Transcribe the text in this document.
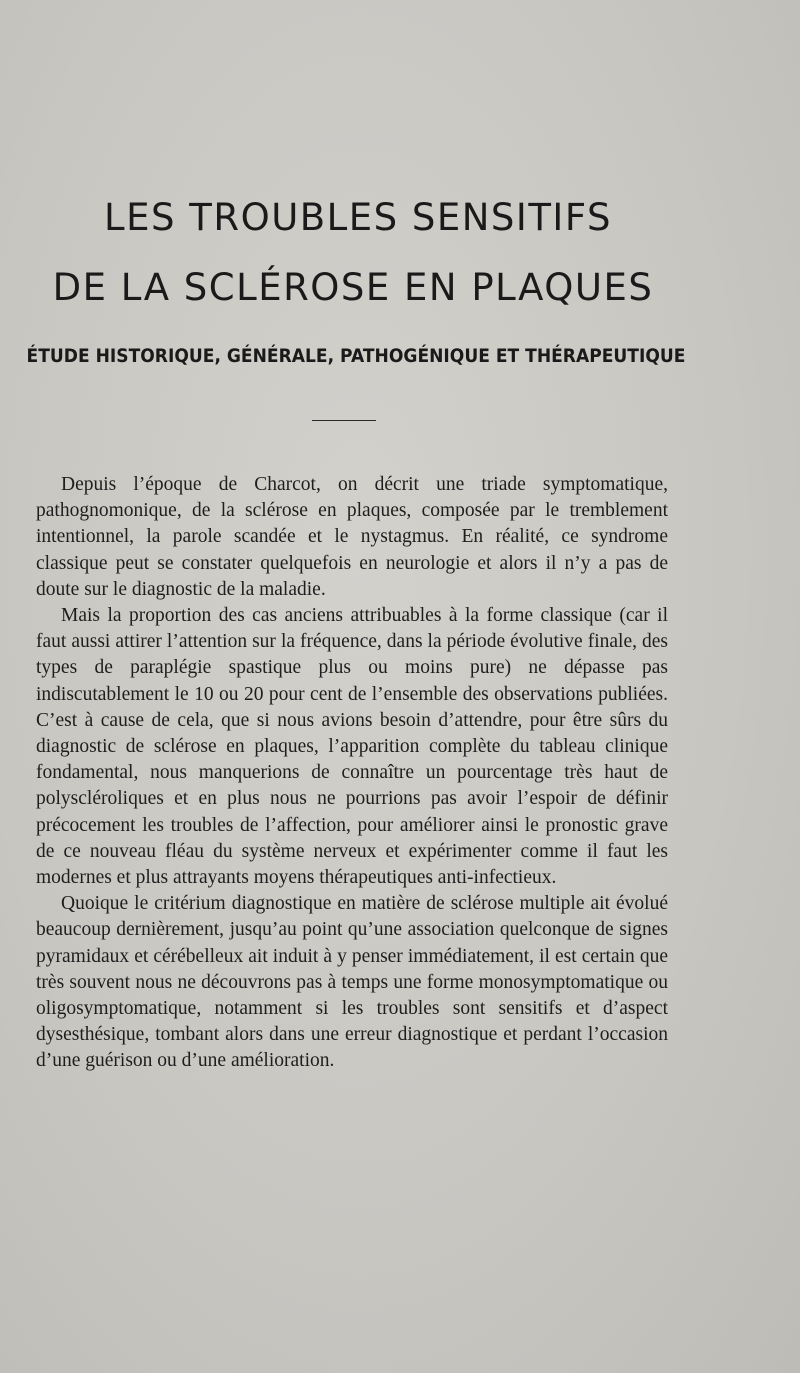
LES TROUBLES SENSITIFS
DE LA SCLÉROSE EN PLAQUES
ÉTUDE HISTORIQUE, GÉNÉRALE, PATHOGÉNIQUE ET THÉRAPEUTIQUE

Depuis l’époque de Charcot, on décrit une triade symptomatique, pathognomonique, de la sclérose en plaques, composée par le tremblement intentionnel, la parole scandée et le nystagmus. En réalité, ce syndrome classique peut se constater quelquefois en neurologie et alors il n’y a pas de doute sur le diagnostic de la maladie.

Mais la proportion des cas anciens attribuables à la forme classique (car il faut aussi attirer l’attention sur la fréquence, dans la période évolutive finale, des types de paraplégie spastique plus ou moins pure) ne dépasse pas indiscutablement le 10 ou 20 pour cent de l’ensemble des observations publiées. C’est à cause de cela, que si nous avions besoin d’attendre, pour être sûrs du diagnostic de sclérose en plaques, l’apparition complète du tableau clinique fondamental, nous manquerions de connaître un pourcentage très haut de polyscléroliques et en plus nous ne pourrions pas avoir l’espoir de définir précocement les troubles de l’affection, pour améliorer ainsi le pronostic grave de ce nouveau fléau du système nerveux et expérimenter comme il faut les modernes et plus attrayants moyens thérapeutiques anti-infectieux.

Quoique le critérium diagnostique en matière de sclérose multiple ait évolué beaucoup dernièrement, jusqu’au point qu’une association quelconque de signes pyramidaux et cérébelleux ait induit à y penser immédiatement, il est certain que très souvent nous ne découvrons pas à temps une forme monosymptomatique ou oligosymptomatique, notamment si les troubles sont sensitifs et d’aspect dysesthésique, tombant alors dans une erreur diagnostique et perdant l’occasion d’une guérison ou d’une amélioration.
